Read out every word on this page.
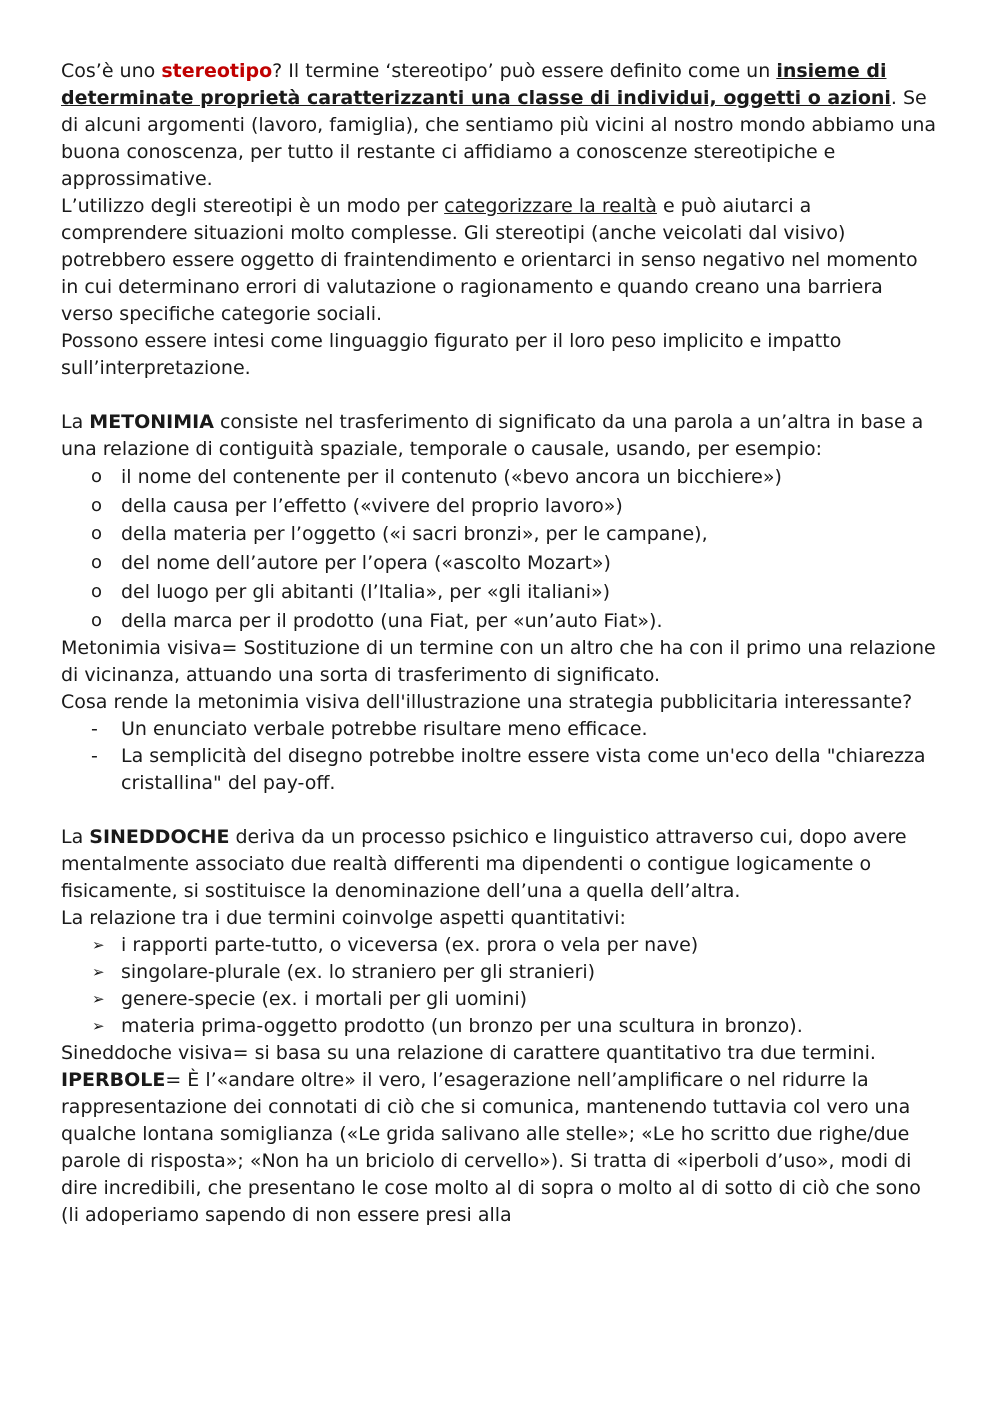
Cos’è uno stereotipo? Il termine ‘stereotipo’ può essere definito come un insieme di determinate proprietà caratterizzanti una classe di individui, oggetti o azioni. Se di alcuni argomenti (lavoro, famiglia), che sentiamo più vicini al nostro mondo abbiamo una buona conoscenza, per tutto il restante ci affidiamo a conoscenze stereotipiche e approssimative.

L’utilizzo degli stereotipi è un modo per categorizzare la realtà e può aiutarci a comprendere situazioni molto complesse. Gli stereotipi (anche veicolati dal visivo) potrebbero essere oggetto di fraintendimento e orientarci in senso negativo nel momento in cui determinano errori di valutazione o ragionamento e quando creano una barriera verso specifiche categorie sociali.

Possono essere intesi come linguaggio figurato per il loro peso implicito e impatto sull’interpretazione.

La METONIMIA consiste nel trasferimento di significato da una parola a un’altra in base a una relazione di contiguità spaziale, temporale o causale, usando, per esempio:

o il nome del contenente per il contenuto («bevo ancora un bicchiere»)
o della causa per l’effetto («vivere del proprio lavoro»)
o della materia per l’oggetto («i sacri bronzi», per le campane),
o del nome dell’autore per l’opera («ascolto Mozart»)
o del luogo per gli abitanti (l’Italia», per «gli italiani»)
o della marca per il prodotto (una Fiat, per «un’auto Fiat»).

Metonimia visiva= Sostituzione di un termine con un altro che ha con il primo una relazione di vicinanza, attuando una sorta di trasferimento di significato.

Cosa rende la metonimia visiva dell'illustrazione una strategia pubblicitaria interessante?

-	Un enunciato verbale potrebbe risultare meno efficace.
-	La semplicità del disegno potrebbe inoltre essere vista come un'eco della "chiarezza cristallina" del pay-off.

La SINEDDOCHE deriva da un processo psichico e linguistico attraverso cui, dopo avere

mentalmente associato due realtà differenti ma dipendenti o contigue logicamente o fisicamente, si sostituisce la denominazione dell’una a quella dell’altra.

La relazione tra i due termini coinvolge aspetti quantitativi:

➢ i rapporti parte-tutto, o viceversa (ex. prora o vela per nave)
➢ singolare-plurale (ex. lo straniero per gli stranieri)
➢ genere-specie (ex. i mortali per gli uomini)
➢ materia prima-oggetto prodotto (un bronzo per una scultura in bronzo).

Sineddoche visiva= si basa su una relazione di carattere quantitativo tra due termini.

IPERBOLE= È l’«andare oltre» il vero, l’esagerazione nell’amplificare o nel ridurre la rappresentazione dei connotati di ciò che si comunica, mantenendo tuttavia col vero una qualche lontana somiglianza («Le grida salivano alle stelle»; «Le ho scritto due righe/due parole di risposta»; «Non ha un briciolo di cervello»). Si tratta di «iperboli d’uso», modi di dire incredibili, che presentano le cose molto al di sopra o molto al di sotto di ciò che sono (li adoperiamo sapendo di non essere presi alla
